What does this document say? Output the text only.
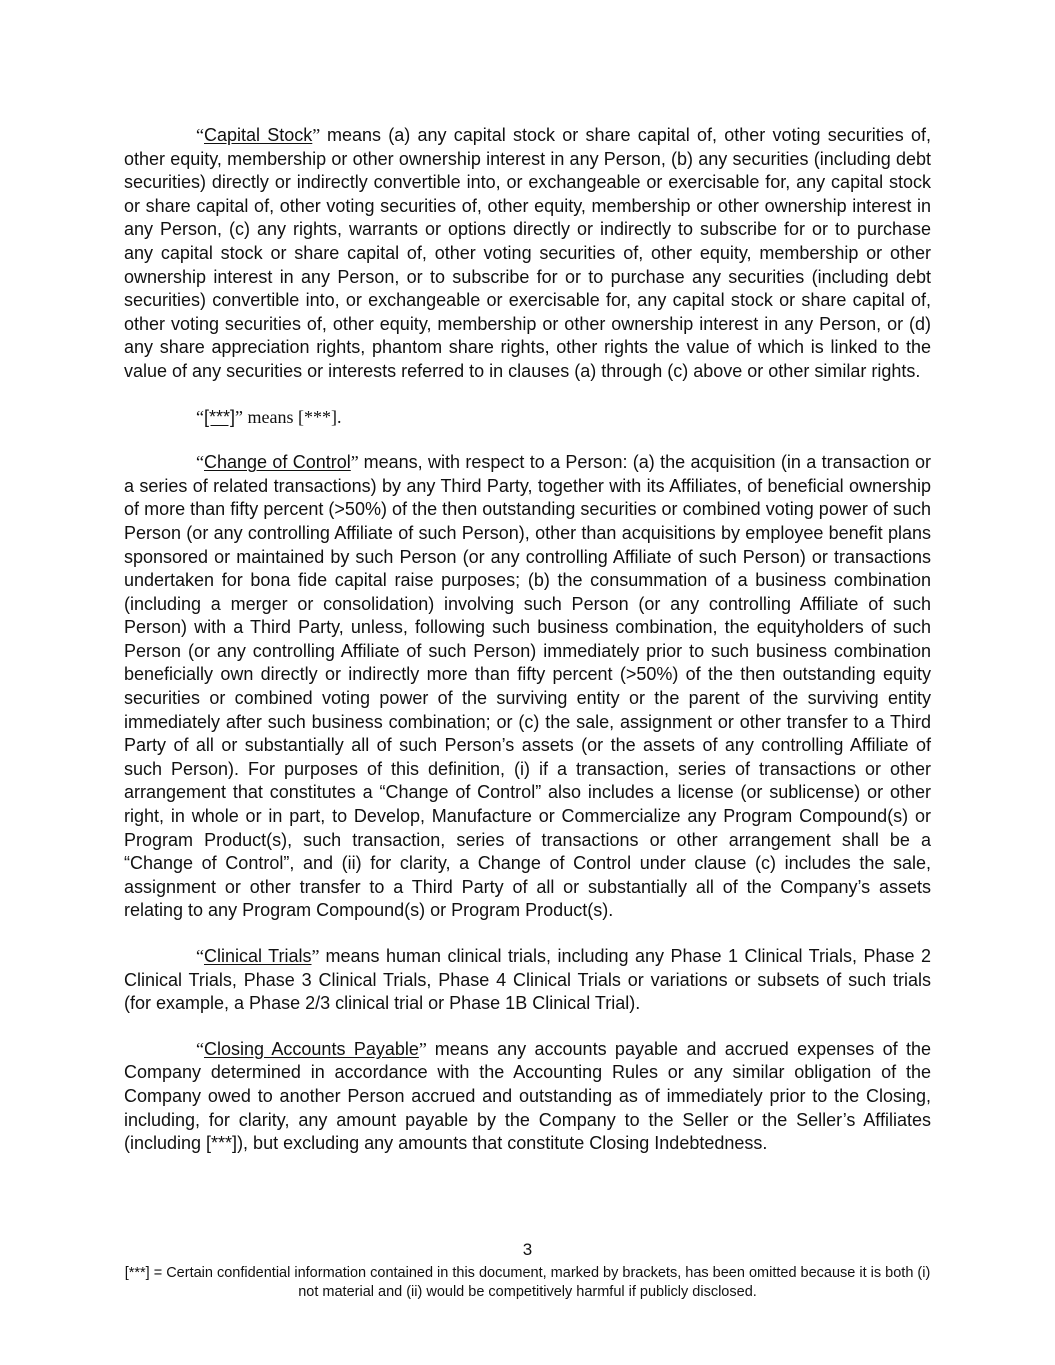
“Capital Stock” means (a) any capital stock or share capital of, other voting securities of, other equity, membership or other ownership interest in any Person, (b) any securities (including debt securities) directly or indirectly convertible into, or exchangeable or exercisable for, any capital stock or share capital of, other voting securities of, other equity, membership or other ownership interest in any Person, (c) any rights, warrants or options directly or indirectly to subscribe for or to purchase any capital stock or share capital of, other voting securities of, other equity, membership or other ownership interest in any Person, or to subscribe for or to purchase any securities (including debt securities) convertible into, or exchangeable or exercisable for, any capital stock or share capital of, other voting securities of, other equity, membership or other ownership interest in any Person, or (d) any share appreciation rights, phantom share rights, other rights the value of which is linked to the value of any securities or interests referred to in clauses (a) through (c) above or other similar rights.

“[***]” means [***].

“Change of Control” means, with respect to a Person: (a) the acquisition (in a transaction or a series of related transactions) by any Third Party, together with its Affiliates, of beneficial ownership of more than fifty percent (>50%) of the then outstanding securities or combined voting power of such Person (or any controlling Affiliate of such Person), other than acquisitions by employee benefit plans sponsored or maintained by such Person (or any controlling Affiliate of such Person) or transactions undertaken for bona fide capital raise purposes; (b) the consummation of a business combination (including a merger or consolidation) involving such Person (or any controlling Affiliate of such Person) with a Third Party, unless, following such business combination, the equityholders of such Person (or any controlling Affiliate of such Person) immediately prior to such business combination beneficially own directly or indirectly more than fifty percent (>50%) of the then outstanding equity securities or combined voting power of the surviving entity or the parent of the surviving entity immediately after such business combination; or (c) the sale, assignment or other transfer to a Third Party of all or substantially all of such Person’s assets (or the assets of any controlling Affiliate of such Person). For purposes of this definition, (i) if a transaction, series of transactions or other arrangement that constitutes a “Change of Control” also includes a license (or sublicense) or other right, in whole or in part, to Develop, Manufacture or Commercialize any Program Compound(s) or Program Product(s), such transaction, series of transactions or other arrangement shall be a “Change of Control”, and (ii) for clarity, a Change of Control under clause (c) includes the sale, assignment or other transfer to a Third Party of all or substantially all of the Company’s assets relating to any Program Compound(s) or Program Product(s).

“Clinical Trials” means human clinical trials, including any Phase 1 Clinical Trials, Phase 2 Clinical Trials, Phase 3 Clinical Trials, Phase 4 Clinical Trials or variations or subsets of such trials (for example, a Phase 2/3 clinical trial or Phase 1B Clinical Trial).

“Closing Accounts Payable” means any accounts payable and accrued expenses of the Company determined in accordance with the Accounting Rules or any similar obligation of the Company owed to another Person accrued and outstanding as of immediately prior to the Closing, including, for clarity, any amount payable by the Company to the Seller or the Seller’s Affiliates (including [***]), but excluding any amounts that constitute Closing Indebtedness.

3
[***] = Certain confidential information contained in this document, marked by brackets, has been omitted because it is both (i) not material and (ii) would be competitively harmful if publicly disclosed.
